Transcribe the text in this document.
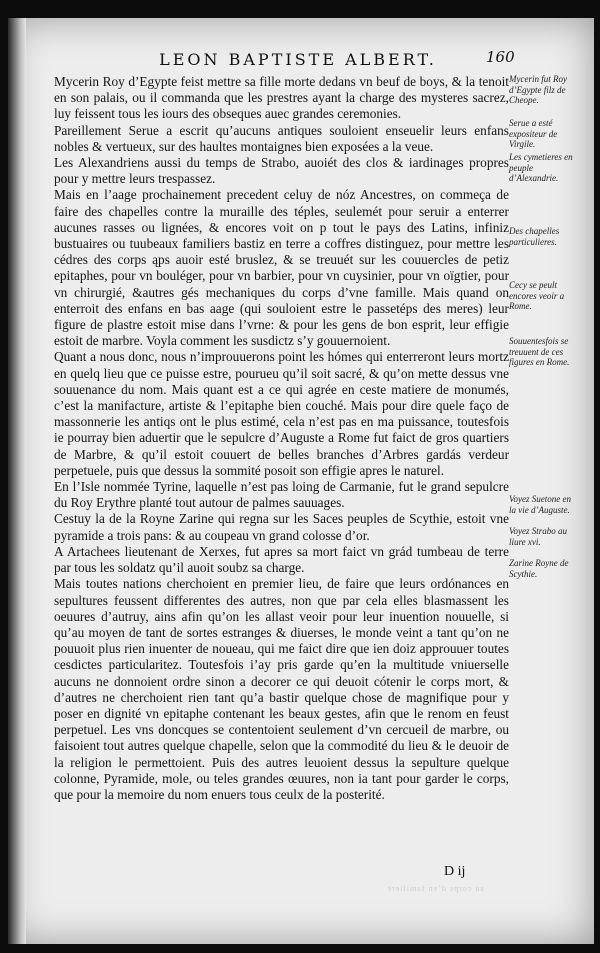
LEON BAPTISTE ALBERT.	160

Mycerin Roy d’Egypte feist mettre sa fille morte dedans vn beuf de boys, & la tenoit en son palais, ou il commanda que les prestres ayant la charge des mysteres sacrez, luy feissent tous les iours des obseques auec grandes ceremonies.

Pareillement Serue a escrit qu’aucuns antiques souloient enseuelir leurs enfans nobles & vertueux, sur des haultes montaignes bien exposées a la veue.

Les Alexandriens aussi du temps de Strabo, auoiét des clos & iardinages propres pour y mettre leurs trespassez.

Mais en l’aage prochainement precedent celuy de nóz Ancestres, on commeça de faire des chapelles contre la muraille des téples, seulemét pour seruir a enterrer aucunes rasses ou lignées, & encores voit on p tout le pays des Latins, infiniz bustuaires ou tuubeaux familiers bastiz en terre a coffres distinguez, pour mettre les cédres des corps ąps auoir esté bruslez, & se treuuét sur les couuercles de petiz epitaphes, pour vn bouléger, pour vn barbier, pour vn cuysinier, pour vn oïgtier, pour vn chirurgié, &autres gés mechaniques du corps d’vne famille. Mais quand on enterroit des enfans en bas aage (qui souloient estre le passetéps des meres) leur figure de plastre estoit mise dans l’vrne: & pour les gens de bon esprit, leur effigie estoit de marbre. Voyla comment les susdictz s’y gouuernoient.

Quant a nous donc, nous n’improuuerons point les hómes qui enterreront leurs mortz en quelq lieu que ce puisse estre, pourueu qu’il soit sacré, & qu’on mette dessus vne souuenance du nom. Mais quant est a ce qui agrée en ceste matiere de monumés, c’est la manifacture, artiste & l’epitaphe bien couché. Mais pour dire quele faço de massonnerie les antiqs ont le plus estimé, cela n’est pas en ma puissance, toutesfois ie pourray bien aduertir que le sepulcre d’Auguste a Rome fut faict de gros quartiers de Marbre, & qu’il estoit couuert de belles branches d’Arbres gardás verdeur perpetuele, puis que dessus la sommité posoit son effigie apres le naturel.

En l’Isle nommée Tyrine, laquelle n’est pas loing de Carmanie, fut le grand sepulcre du Roy Erythre planté tout autour de palmes sauuages.

Cestuy la de la Royne Zarine qui regna sur les Saces peuples de Scythie, estoit vne pyramide a trois pans: & au coupeau vn grand colosse d’or.

A Artachees lieutenant de Xerxes, fut apres sa mort faict vn grád tumbeau de terre par tous les soldatz qu’il auoit soubz sa charge.

Mais toutes nations cherchoient en premier lieu, de faire que leurs ordónances en sepultures feussent differentes des autres, non que par cela elles blasmassent les oeuures d’autruy, ains afin qu’on les allast veoir pour leur inuention nouuelle, si qu’au moyen de tant de sortes estranges & diuerses, le monde veint a tant qu’on ne pouuoit plus rien inuenter de noueau, qui me faict dire que ien doiz approuuer toutes cesdictes particularitez. Toutesfois i’ay pris garde qu’en la multitude vniuerselle aucuns ne donnoient ordre sinon a decorer ce qui deuoit cótenir le corps mort, & d’autres ne cherchoient rien tant qu’a bastir quelque chose de magnifique pour y poser en dignité vn epitaphe contenant les beaux gestes, afin que le renom en feust perpetuel. Les vns doncques se contentoient seulement d’vn cercueil de marbre, ou faisoient tout autres quelque chapelle, selon que la commodité du lieu & le deuoir de la religion le permettoient. Puis des autres leuoient dessus la sepulture quelque colonne, Pyramide, mole, ou teles grandes œuures, non ia tant pour garder le corps, que pour la memoire du nom enuers tous ceulx de la posterité.

Mycerin fut Roy d’Egypte filz de Cheope.
Serue a esté expositeur de Virgile.
Les cymetieres en peuple d’Alexandrie.
Des chapelles particulieres.
Cecy se peult encores veoir a Rome.
Souuentesfois se treuuent de ces figures en Rome.
Voyez Suetone en la vie d’Auguste.
Voyez Strabo au liure xvi.
Zarine Royne de Scythie.
D ij
au corps d’vn familiere
